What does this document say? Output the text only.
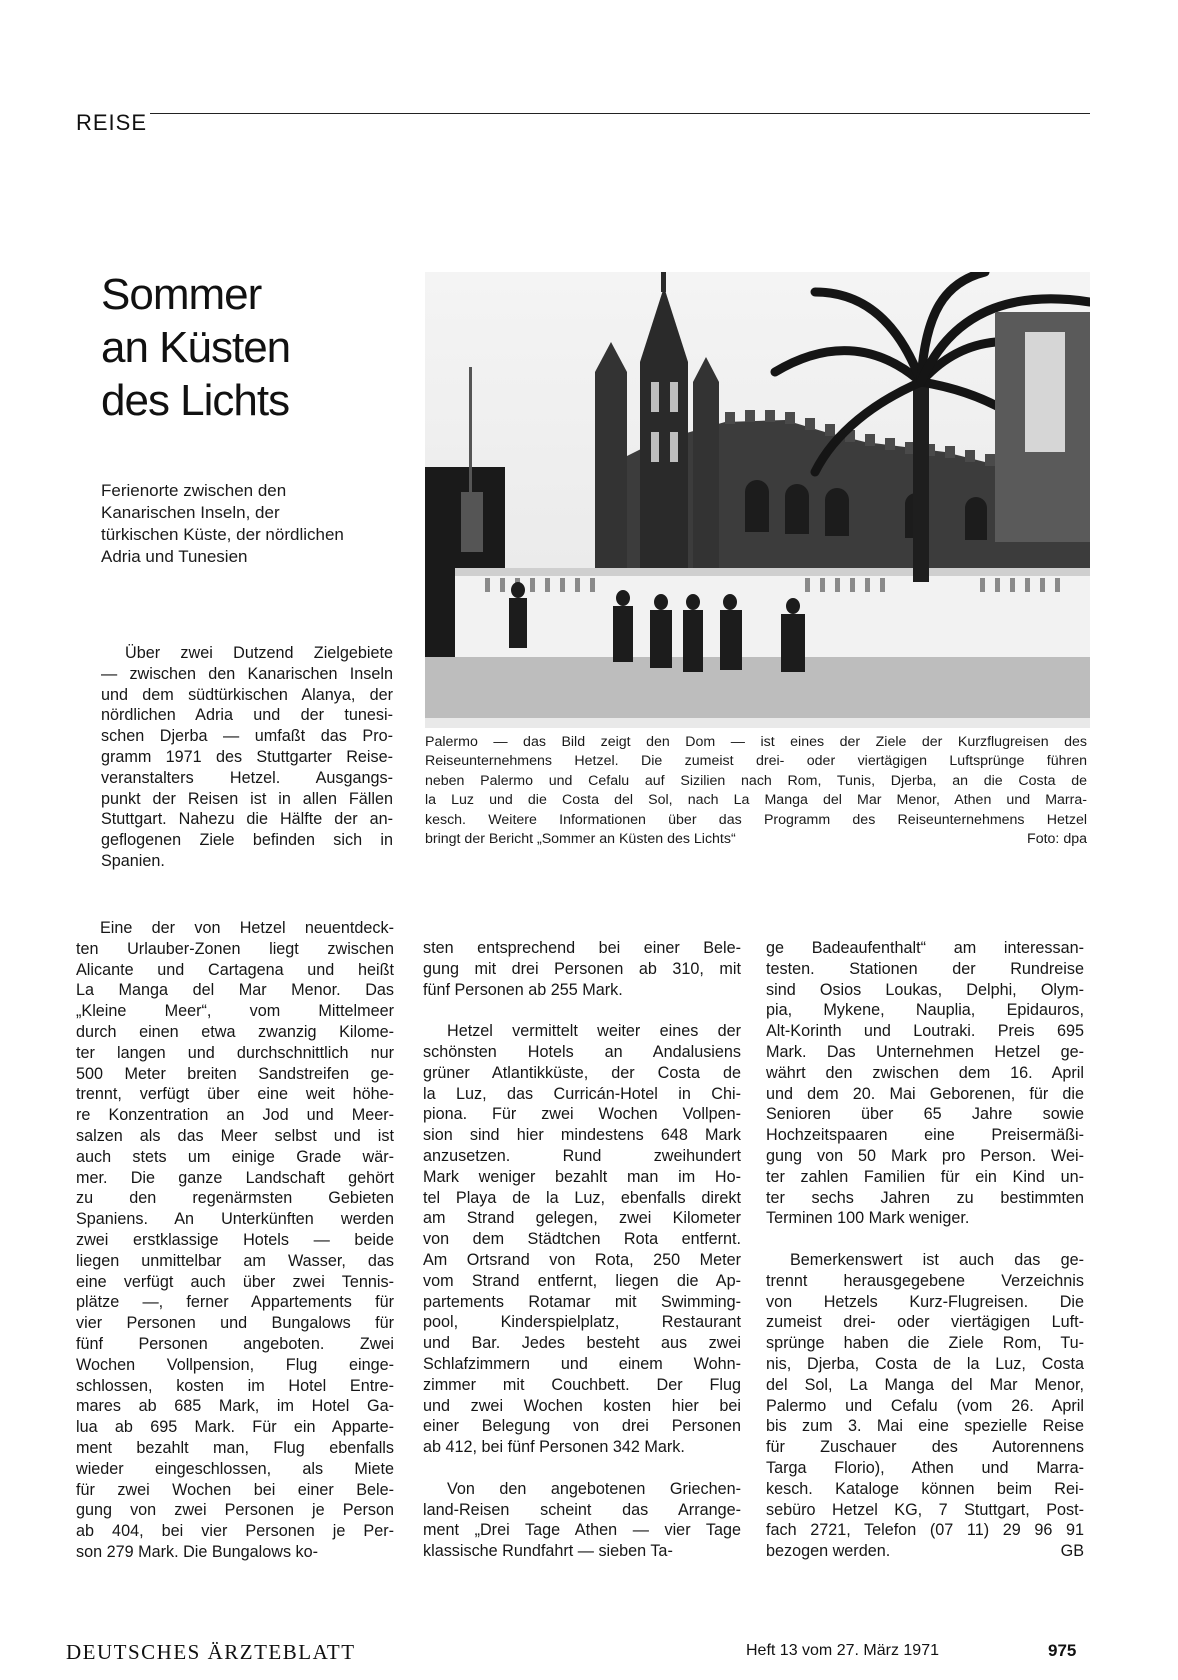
REISE
Sommer
an Küsten
des Lichts
Ferienorte zwischen den
Kanarischen Inseln, der
türkischen Küste, der nördlichen
Adria und Tunesien
Palermo — das Bild zeigt den Dom — ist eines der Ziele der Kurzflugreisen des
Reiseunternehmens Hetzel. Die zumeist drei- oder viertägigen Luftsprünge führen
neben Palermo und Cefalu auf Sizilien nach Rom, Tunis, Djerba, an die Costa de
la Luz und die Costa del Sol, nach La Manga del Mar Menor, Athen und Marra-
kesch. Weitere Informationen über das Programm des Reiseunternehmens Hetzel
bringt der Bericht „Sommer an Küsten des Lichts“	Foto: dpa
Über zwei Dutzend Zielgebiete
— zwischen den Kanarischen Inseln
und dem südtürkischen Alanya, der
nördlichen Adria und der tunesi-
schen Djerba — umfaßt das Pro-
gramm 1971 des Stuttgarter Reise-
veranstalters Hetzel. Ausgangs-
punkt der Reisen ist in allen Fällen
Stuttgart. Nahezu die Hälfte der an-
geflogenen Ziele befinden sich in
Spanien.
Eine der von Hetzel neuentdeck-
ten Urlauber-Zonen liegt zwischen
Alicante und Cartagena und heißt
La Manga del Mar Menor. Das
„Kleine Meer“, vom Mittelmeer
durch einen etwa zwanzig Kilome-
ter langen und durchschnittlich nur
500 Meter breiten Sandstreifen ge-
trennt, verfügt über eine weit höhe-
re Konzentration an Jod und Meer-
salzen als das Meer selbst und ist
auch stets um einige Grade wär-
mer. Die ganze Landschaft gehört
zu den regenärmsten Gebieten
Spaniens. An Unterkünften werden
zwei erstklassige Hotels — beide
liegen unmittelbar am Wasser, das
eine verfügt auch über zwei Tennis-
plätze —, ferner Appartements für
vier Personen und Bungalows für
fünf Personen angeboten. Zwei
Wochen Vollpension, Flug einge-
schlossen, kosten im Hotel Entre-
mares ab 685 Mark, im Hotel Ga-
lua ab 695 Mark. Für ein Apparte-
ment bezahlt man, Flug ebenfalls
wieder eingeschlossen, als Miete
für zwei Wochen bei einer Bele-
gung von zwei Personen je Person
ab 404, bei vier Personen je Per-
son 279 Mark. Die Bungalows ko-
sten entsprechend bei einer Bele-
gung mit drei Personen ab 310, mit
fünf Personen ab 255 Mark.
Hetzel vermittelt weiter eines der
schönsten Hotels an Andalusiens
grüner Atlantikküste, der Costa de
la Luz, das Curricán-Hotel in Chi-
piona. Für zwei Wochen Vollpen-
sion sind hier mindestens 648 Mark
anzusetzen. Rund zweihundert
Mark weniger bezahlt man im Ho-
tel Playa de la Luz, ebenfalls direkt
am Strand gelegen, zwei Kilometer
von dem Städtchen Rota entfernt.
Am Ortsrand von Rota, 250 Meter
vom Strand entfernt, liegen die Ap-
partements Rotamar mit Swimming-
pool, Kinderspielplatz, Restaurant
und Bar. Jedes besteht aus zwei
Schlafzimmern und einem Wohn-
zimmer mit Couchbett. Der Flug
und zwei Wochen kosten hier bei
einer Belegung von drei Personen
ab 412, bei fünf Personen 342 Mark.
Von den angebotenen Griechen-
land-Reisen scheint das Arrange-
ment „Drei Tage Athen — vier Tage
klassische Rundfahrt — sieben Ta-
ge Badeaufenthalt“ am interessan-
testen. Stationen der Rundreise
sind Osios Loukas, Delphi, Olym-
pia, Mykene, Nauplia, Epidauros,
Alt-Korinth und Loutraki. Preis 695
Mark. Das Unternehmen Hetzel ge-
währt den zwischen dem 16. April
und dem 20. Mai Geborenen, für die
Senioren über 65 Jahre sowie
Hochzeitspaaren eine Preisermäßi-
gung von 50 Mark pro Person. Wei-
ter zahlen Familien für ein Kind un-
ter sechs Jahren zu bestimmten
Terminen 100 Mark weniger.
Bemerkenswert ist auch das ge-
trennt herausgegebene Verzeichnis
von Hetzels Kurz-Flugreisen. Die
zumeist drei- oder viertägigen Luft-
sprünge haben die Ziele Rom, Tu-
nis, Djerba, Costa de la Luz, Costa
del Sol, La Manga del Mar Menor,
Palermo und Cefalu (vom 26. April
bis zum 3. Mai eine spezielle Reise
für Zuschauer des Autorennens
Targa Florio), Athen und Marra-
kesch. Kataloge können beim Rei-
sebüro Hetzel KG, 7 Stuttgart, Post-
fach 2721, Telefon (07 11) 29 96 91
bezogen werden.	GB
DEUTSCHES ÄRZTEBLATT	Heft 13 vom 27. März 1971	975
